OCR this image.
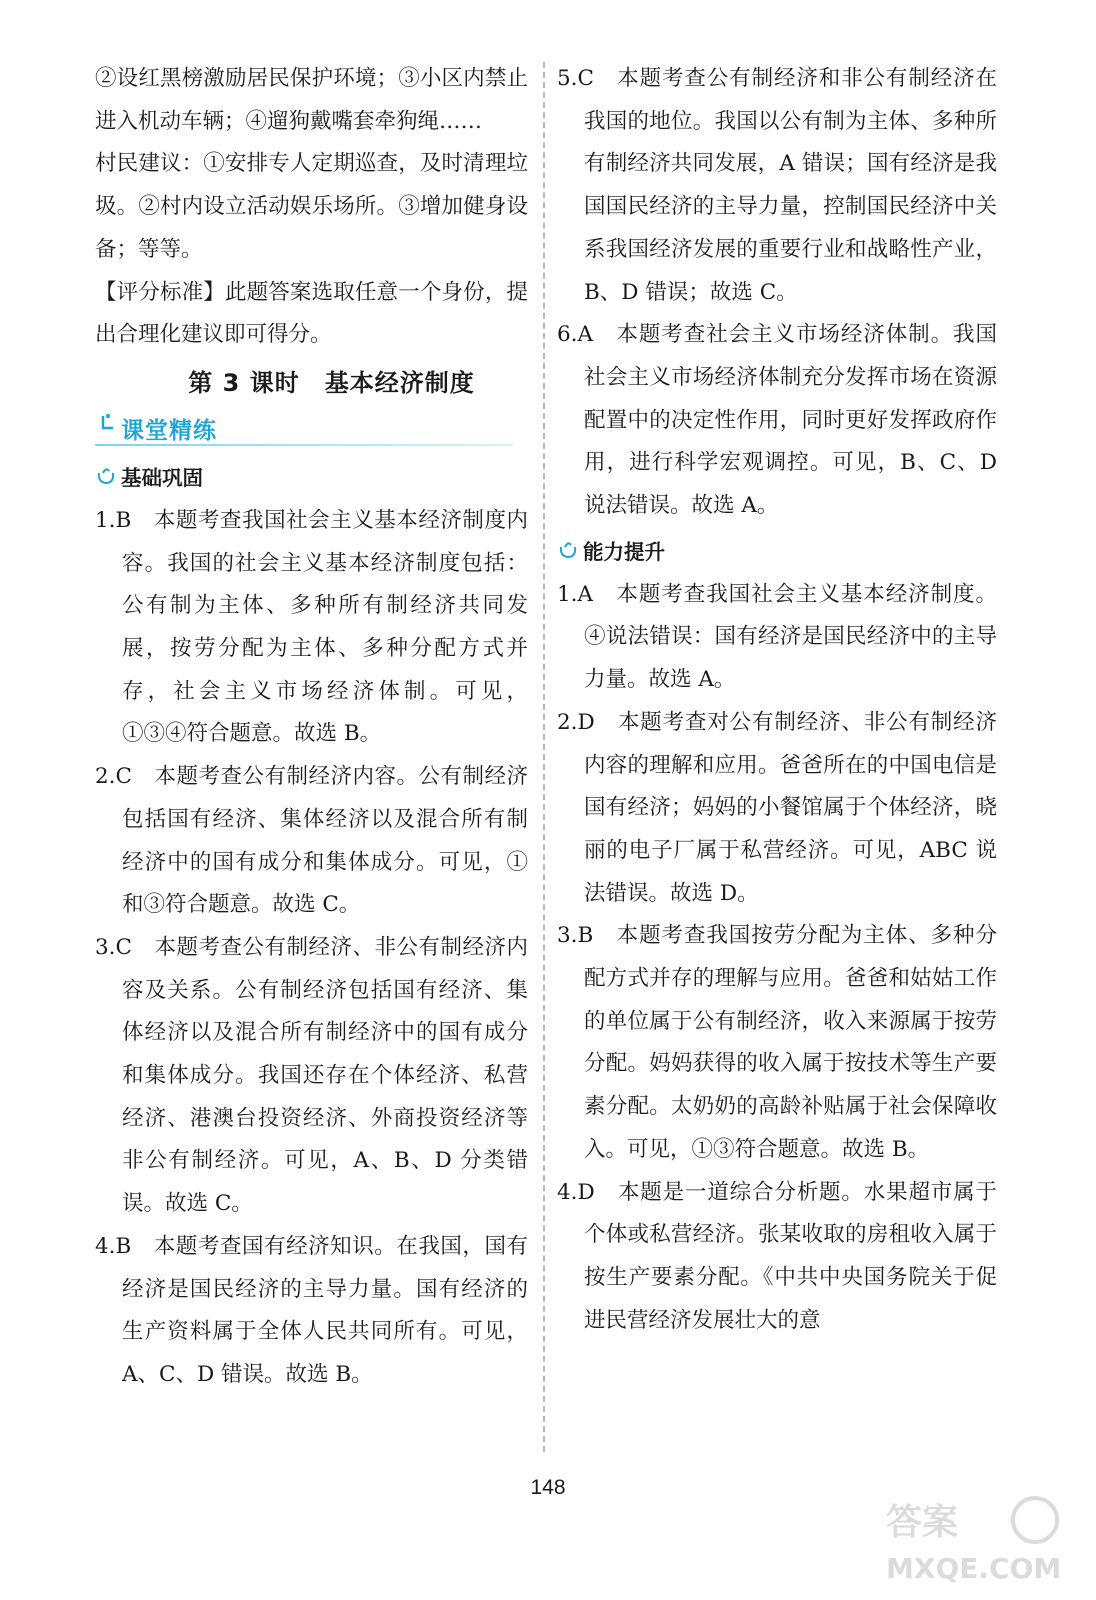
②设红黑榜激励居民保护环境；③小区内禁止进入机动车辆；④遛狗戴嘴套牵狗绳……

村民建议：①安排专人定期巡查，及时清理垃圾。②村内设立活动娱乐场所。③增加健身设备；等等。

【评分标准】此题答案选取任意一个身份，提出合理化建议即可得分。

第 3 课时　基本经济制度
课堂精练
基础巩固

1.B　本题考查我国社会主义基本经济制度内容。我国的社会主义基本经济制度包括：公有制为主体、多种所有制经济共同发展，按劳分配为主体、多种分配方式并存，社会主义市场经济体制。可见，①③④符合题意。故选 B。

2.C　本题考查公有制经济内容。公有制经济包括国有经济、集体经济以及混合所有制经济中的国有成分和集体成分。可见，①和③符合题意。故选 C。

3.C　本题考查公有制经济、非公有制经济内容及关系。公有制经济包括国有经济、集体经济以及混合所有制经济中的国有成分和集体成分。我国还存在个体经济、私营经济、港澳台投资经济、外商投资经济等非公有制经济。可见，A、B、D 分类错误。故选 C。

4.B　本题考查国有经济知识。在我国，国有经济是国民经济的主导力量。国有经济的生产资料属于全体人民共同所有。可见，A、C、D 错误。故选 B。

5.C　本题考查公有制经济和非公有制经济在我国的地位。我国以公有制为主体、多种所有制经济共同发展，A 错误；国有经济是我国国民经济的主导力量，控制国民经济中关系我国经济发展的重要行业和战略性产业，B、D 错误；故选 C。

6.A　本题考查社会主义市场经济体制。我国社会主义市场经济体制充分发挥市场在资源配置中的决定性作用，同时更好发挥政府作用，进行科学宏观调控。可见，B、C、D 说法错误。故选 A。

能力提升

1.A　本题考查我国社会主义基本经济制度。④说法错误：国有经济是国民经济中的主导力量。故选 A。

2.D　本题考查对公有制经济、非公有制经济内容的理解和应用。爸爸所在的中国电信是国有经济；妈妈的小餐馆属于个体经济，晓丽的电子厂属于私营经济。可见，ABC 说法错误。故选 D。

3.B　本题考查我国按劳分配为主体、多种分配方式并存的理解与应用。爸爸和姑姑工作的单位属于公有制经济，收入来源属于按劳分配。妈妈获得的收入属于按技术等生产要素分配。太奶奶的高龄补贴属于社会保障收入。可见，①③符合题意。故选 B。

4.D　本题是一道综合分析题。水果超市属于个体或私营经济。张某收取的房租收入属于按生产要素分配。《中共中央国务院关于促进民营经济发展壮大的意

148
答案
MXQE.COM
